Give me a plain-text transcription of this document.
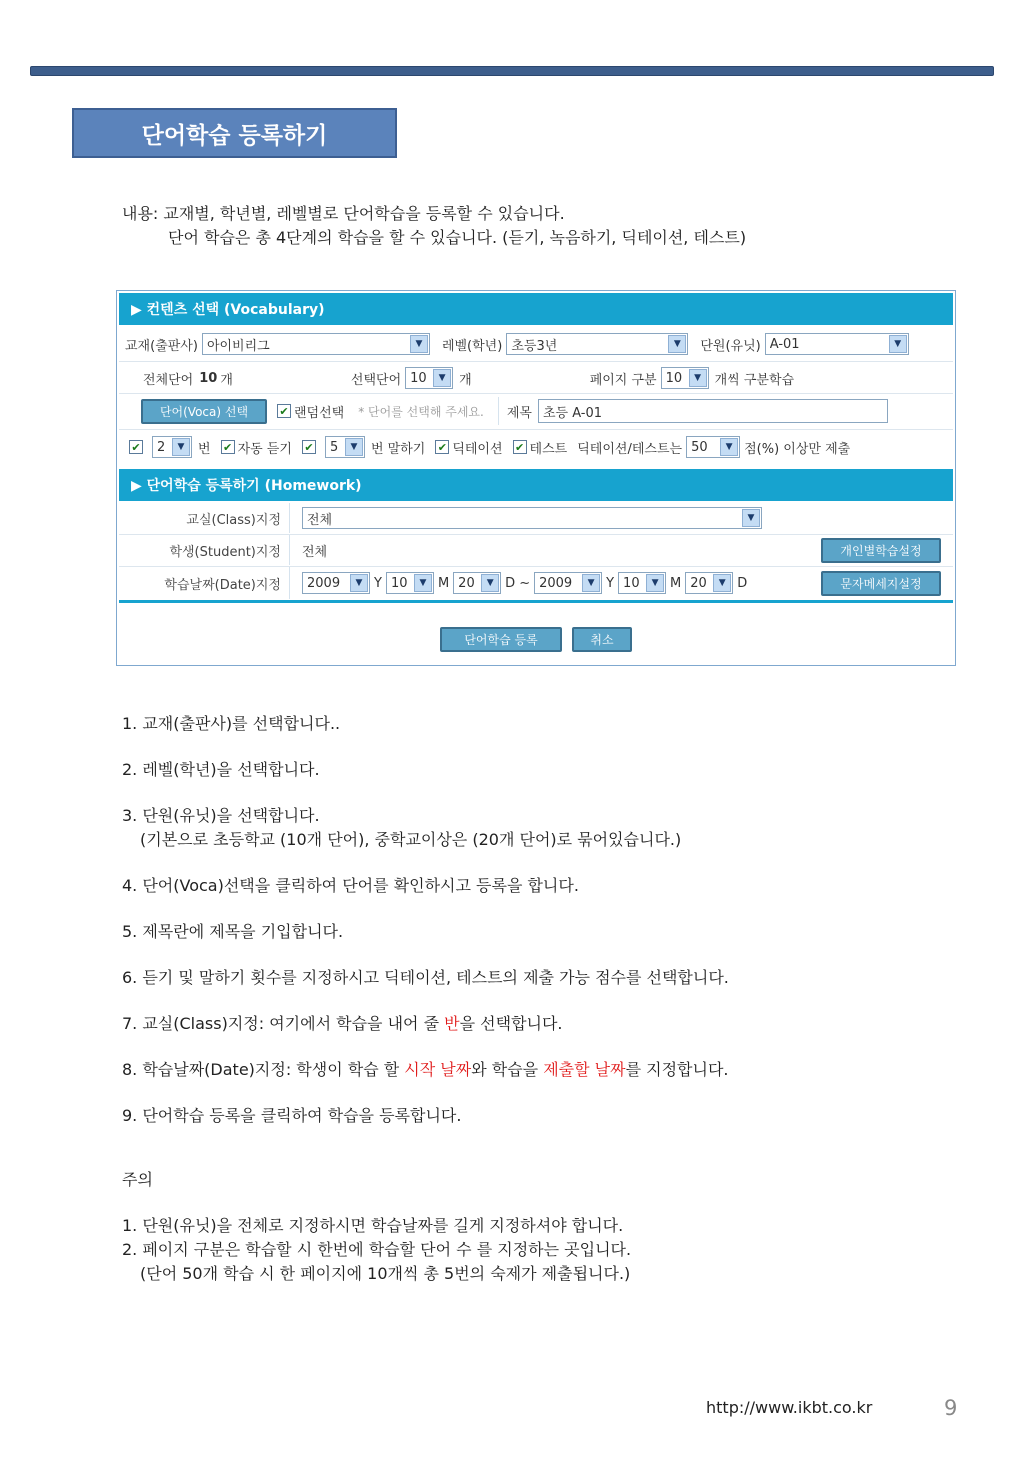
단어학습 등록하기
내용: 교재별, 학년별, 레벨별로 단어학습을 등록할 수 있습니다.
단어 학습은 총 4단계의 학습을 할 수 있습니다. (듣기, 녹음하기, 딕테이션, 테스트)
▶ 컨텐츠 선택 (Vocabulary)
교재(출판사) 아이비리그	▼	레벨(학년) 초등3년	▼	단원(유닛) A-01	▼
전체단어 10 개	선택단어 10	▼	개	페이지 구분 10	▼	개씩 구분학습
단어(Voca) 선택	✔ 랜덤선택 * 단어를 선택해 주세요.	제목 초등 A-01
✔ 2	▼	번 ✔ 자동 듣기 ✔ 5	▼	번 말하기 ✔ 딕테이션 ✔ 테스트 딕테이션/테스트는 50	▼ 점(%) 이상만 제출
▶ 단어학습 등록하기 (Homework)
교실(Class)지정	전체	▼
학생(Student)지정	전체	개인별학습설정
학습날짜(Date)지정	2009	▼ Y 10	▼ M 20	▼ D ~ 2009	▼ Y 10	▼ M 20	▼ D	문자메세지설정
단어학습 등록	취소

1. 교재(출판사)를 선택합니다..

2. 레벨(학년)을 선택합니다.

3. 단원(유닛)을 선택합니다.
(기본으로 초등학교 (10개 단어), 중학교이상은 (20개 단어)로 묶어있습니다.)

4. 단어(Voca)선택을 클릭하여 단어를 확인하시고 등록을 합니다.

5. 제목란에 제목을 기입합니다.

6. 듣기 및 말하기 횟수를 지정하시고 딕테이션, 테스트의 제출 가능 점수를 선택합니다.

7. 교실(Class)지정: 여기에서 학습을 내어 줄 반을 선택합니다.

8. 학습날짜(Date)지정: 학생이 학습 할 시작 날짜와 학습을 제출할 날짜를 지정합니다.

9. 단어학습 등록을 클릭하여 학습을 등록합니다.

주의
1. 단원(유닛)을 전체로 지정하시면 학습날짜를 길게 지정하셔야 합니다.
2. 페이지 구분은 학습할 시 한번에 학습할 단어 수 를 지정하는 곳입니다.
(단어 50개 학습 시 한 페이지에 10개씩 총 5번의 숙제가 제출됩니다.)
http://www.ikbt.co.kr	9
